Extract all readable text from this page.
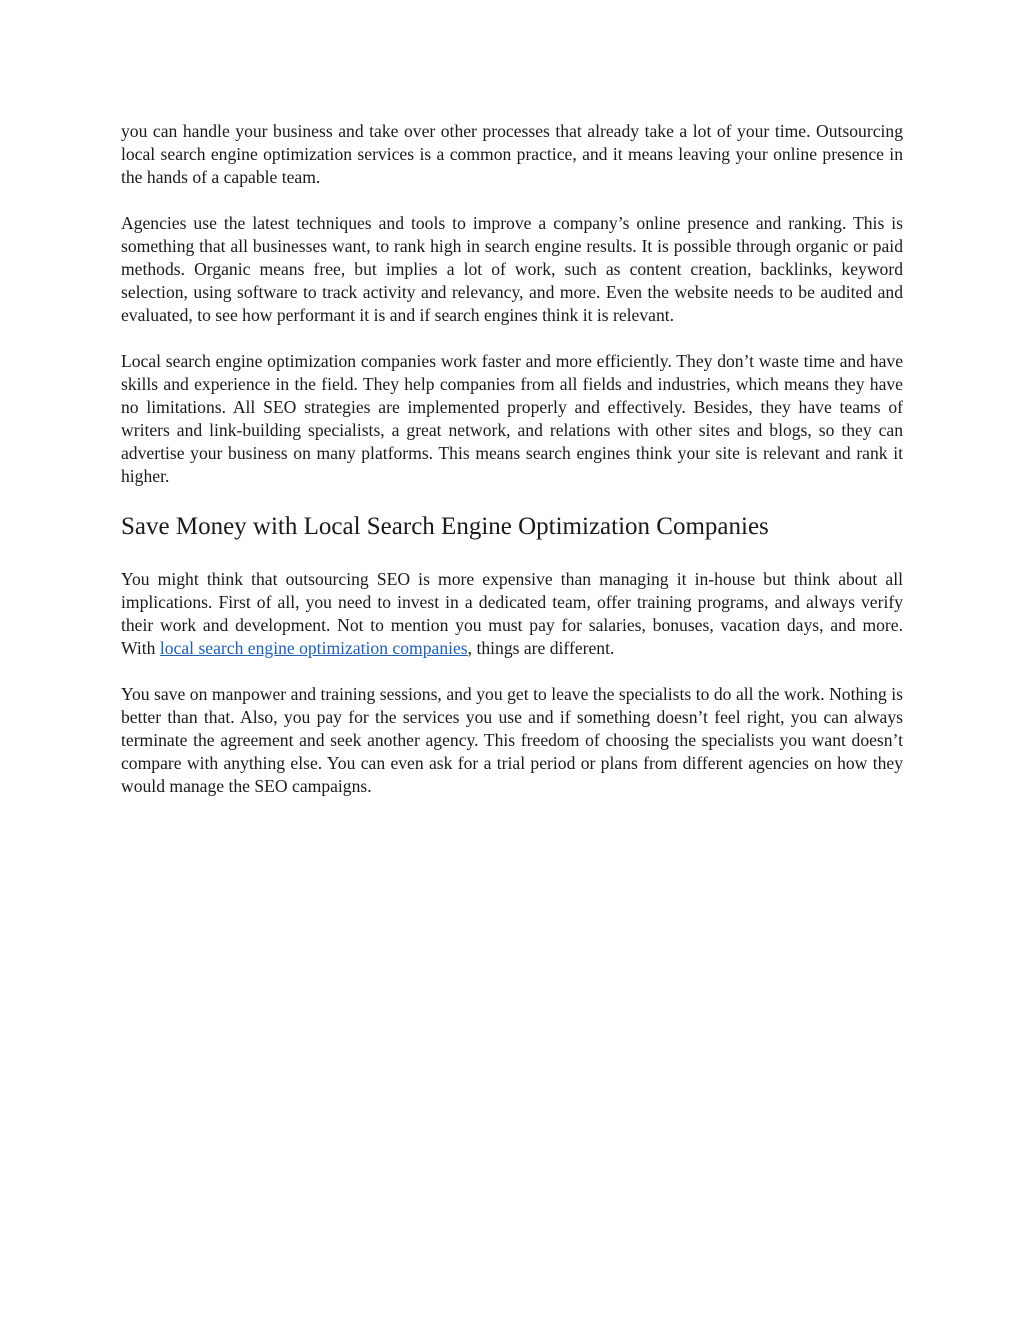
you can handle your business and take over other processes that already take a lot of your time. Outsourcing local search engine optimization services is a common practice, and it means leaving your online presence in the hands of a capable team.

Agencies use the latest techniques and tools to improve a company’s online presence and ranking. This is something that all businesses want, to rank high in search engine results. It is possible through organic or paid methods. Organic means free, but implies a lot of work, such as content creation, backlinks, keyword selection, using software to track activity and relevancy, and more. Even the website needs to be audited and evaluated, to see how performant it is and if search engines think it is relevant.

Local search engine optimization companies work faster and more efficiently. They don’t waste time and have skills and experience in the field. They help companies from all fields and industries, which means they have no limitations. All SEO strategies are implemented properly and effectively. Besides, they have teams of writers and link-building specialists, a great network, and relations with other sites and blogs, so they can advertise your business on many platforms. This means search engines think your site is relevant and rank it higher.

Save Money with Local Search Engine Optimization Companies

You might think that outsourcing SEO is more expensive than managing it in-house but think about all implications. First of all, you need to invest in a dedicated team, offer training programs, and always verify their work and development. Not to mention you must pay for salaries, bonuses, vacation days, and more. With local search engine optimization companies, things are different.

You save on manpower and training sessions, and you get to leave the specialists to do all the work. Nothing is better than that. Also, you pay for the services you use and if something doesn’t feel right, you can always terminate the agreement and seek another agency. This freedom of choosing the specialists you want doesn’t compare with anything else. You can even ask for a trial period or plans from different agencies on how they would manage the SEO campaigns.
